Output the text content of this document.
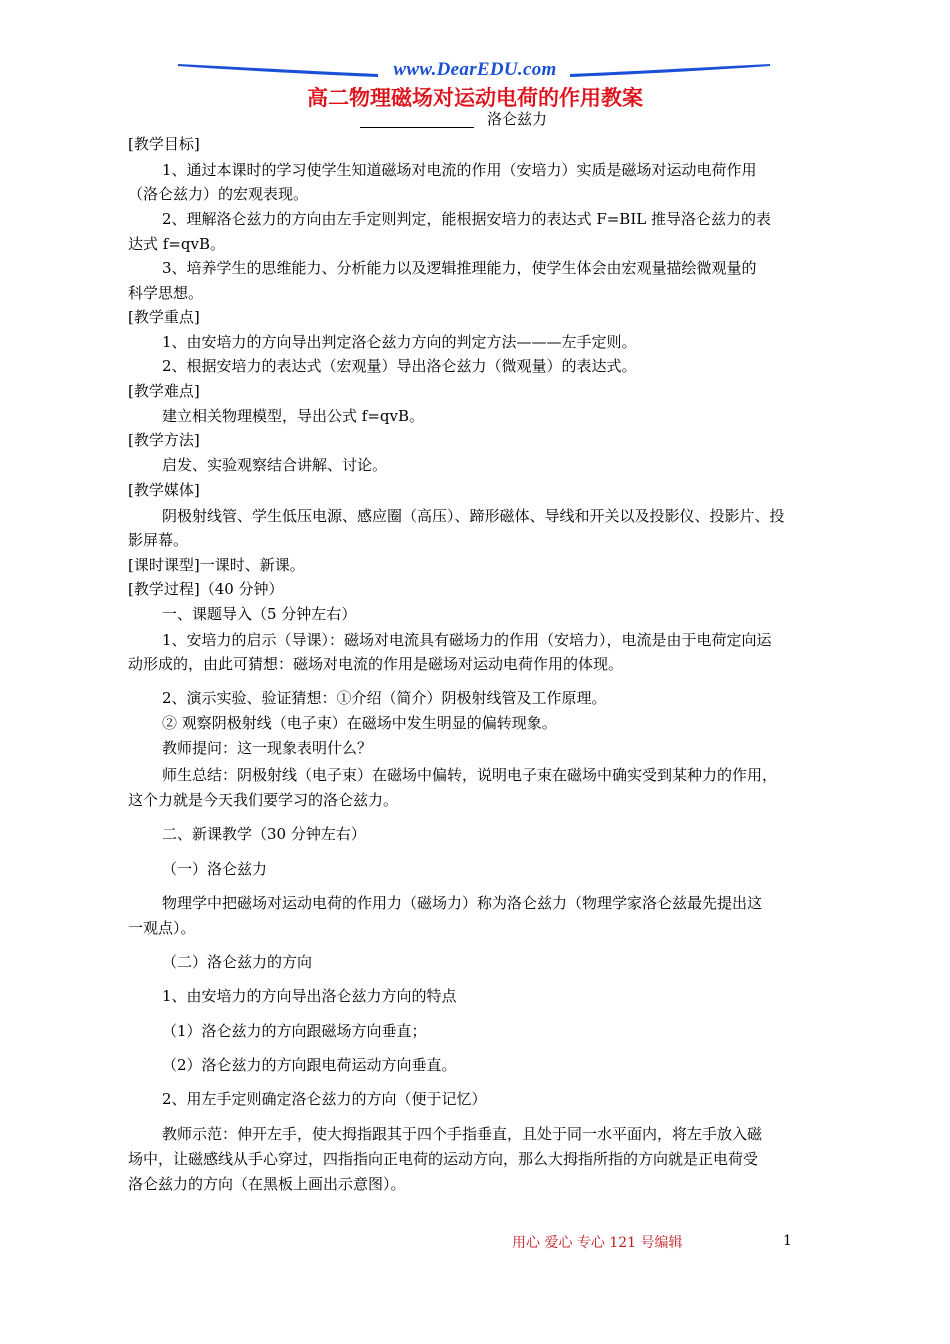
www.DearEDU.com
高二物理磁场对运动电荷的作用教案
洛仑兹力
[教学目标]
1、通过本课时的学习使学生知道磁场对电流的作用（安培力）实质是磁场对运动电荷作用
（洛仑兹力）的宏观表现。
2、理解洛仑兹力的方向由左手定则判定，能根据安培力的表达式 F=BIL 推导洛仑兹力的表
达式 f=qvB。
3、培养学生的思维能力、分析能力以及逻辑推理能力，使学生体会由宏观量描绘微观量的
科学思想。
[教学重点]
1、由安培力的方向导出判定洛仑兹力方向的判定方法———左手定则。
2、根据安培力的表达式（宏观量）导出洛仑兹力（微观量）的表达式。
[教学难点]
建立相关物理模型，导出公式 f=qvB。
[教学方法]
启发、实验观察结合讲解、讨论。
[教学媒体]
阴极射线管、学生低压电源、感应圈（高压）、蹄形磁体、导线和开关以及投影仪、投影片、投
影屏幕。
[课时课型]一课时、新课。
[教学过程]（40 分钟）
一、课题导入（5 分钟左右）
1、安培力的启示（导课）：磁场对电流具有磁场力的作用（安培力），电流是由于电荷定向运
动形成的，由此可猜想：磁场对电流的作用是磁场对运动电荷作用的体现。
2、演示实验、验证猜想：①介绍（简介）阴极射线管及工作原理。
② 观察阴极射线（电子束）在磁场中发生明显的偏转现象。
教师提问：这一现象表明什么？
师生总结：阴极射线（电子束）在磁场中偏转，说明电子束在磁场中确实受到某种力的作用，
这个力就是今天我们要学习的洛仑兹力。
二、新课教学（30 分钟左右）
（一）洛仑兹力
物理学中把磁场对运动电荷的作用力（磁场力）称为洛仑兹力（物理学家洛仑兹最先提出这
一观点）。
（二）洛仑兹力的方向
1、由安培力的方向导出洛仑兹力方向的特点
（1）洛仑兹力的方向跟磁场方向垂直；
（2）洛仑兹力的方向跟电荷运动方向垂直。
2、用左手定则确定洛仑兹力的方向（便于记忆）
教师示范：伸开左手，使大拇指跟其于四个手指垂直，且处于同一水平面内，将左手放入磁
场中，让磁感线从手心穿过，四指指向正电荷的运动方向，那么大拇指所指的方向就是正电荷受
洛仑兹力的方向（在黑板上画出示意图）。
用心 爱心 专心 121 号编辑	1
